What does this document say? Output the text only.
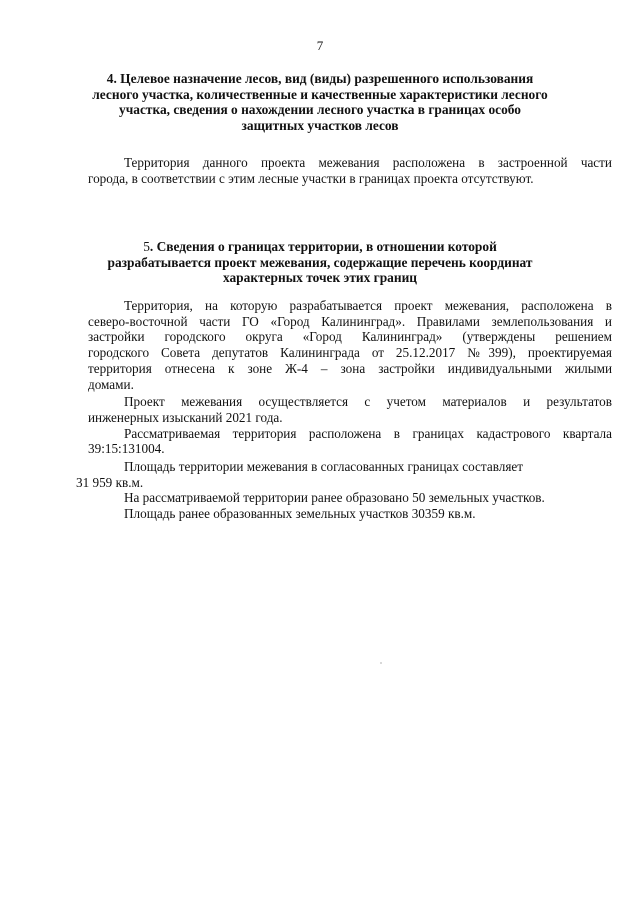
7
4. Целевое назначение лесов, вид (виды) разрешенного использования
лесного участка, количественные и качественные характеристики лесного
участка, сведения о нахождении лесного участка в границах особо
защитных участков лесов
Территория данного проекта межевания расположена в застроенной части
города, в соответствии с этим лесные участки в границах проекта отсутствуют.
5. Сведения о границах территории, в отношении которой
разрабатывается проект межевания, содержащие перечень координат
характерных точек этих границ
Территория, на которую разрабатывается проект межевания, расположена в
северо-восточной части ГО «Город Калининград». Правилами землепользования и
застройки городского округа «Город Калининград» (утверждены решением
городского Совета депутатов Калининграда от 25.12.2017 №399), проектируемая
территория отнесена к зоне Ж-4 – зона застройки индивидуальными жилыми
домами.
Проект межевания осуществляется с учетом материалов и результатов
инженерных изысканий 2021 года.
Рассматриваемая территория расположена в границах кадастрового квартала
39:15:131004.
Площадь территории межевания в согласованных границах составляет
31 959 кв.м.
На рассматриваемой территории ранее образовано 50 земельных участков.
Площадь ранее образованных земельных участков 30359 кв.м.
